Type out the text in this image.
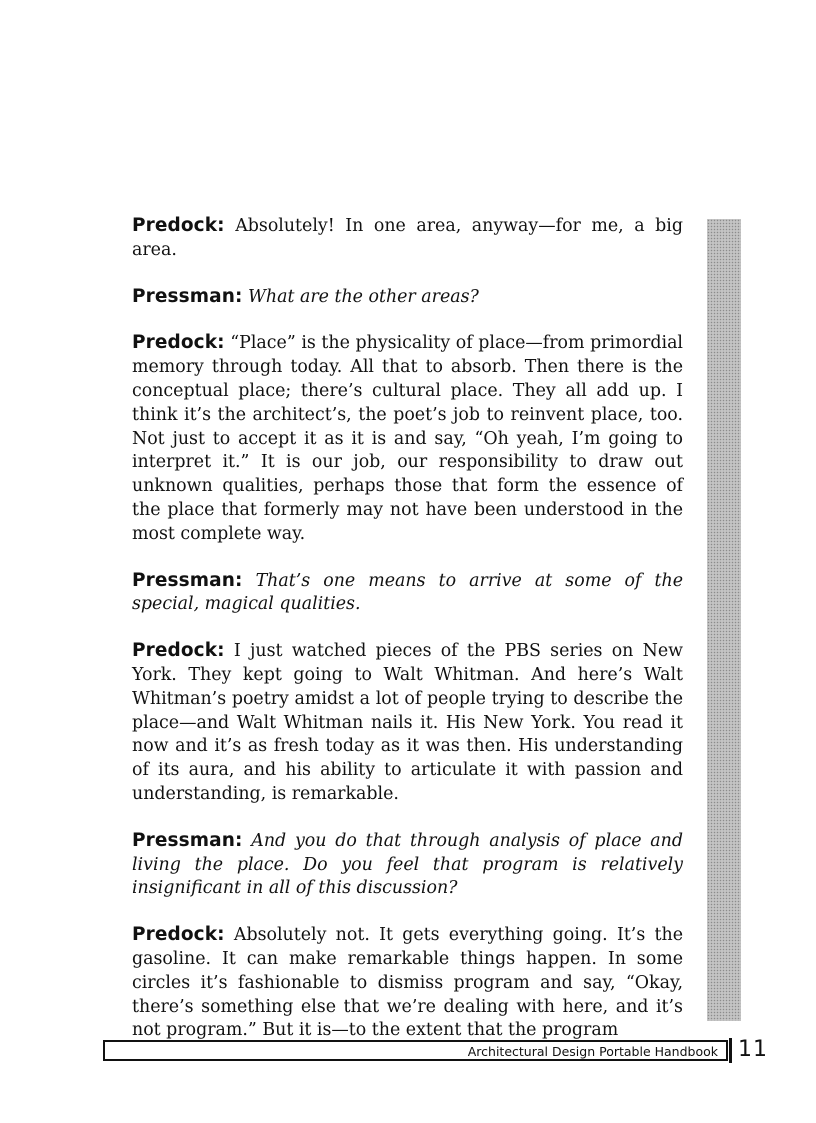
Predock: Absolutely! In one area, anyway—for me, a big area.

Pressman: What are the other areas?

Predock: “Place” is the physicality of place—from primordial memory through today. All that to absorb. Then there is the conceptual place; there’s cultural place. They all add up. I think it’s the architect’s, the poet’s job to reinvent place, too. Not just to accept it as it is and say, “Oh yeah, I’m going to interpret it.” It is our job, our responsibility to draw out unknown qualities, perhaps those that form the essence of the place that formerly may not have been understood in the most complete way.

Pressman: That’s one means to arrive at some of the special, magical qualities.

Predock: I just watched pieces of the PBS series on New York. They kept going to Walt Whitman. And here’s Walt Whitman’s poetry amidst a lot of people trying to describe the place—and Walt Whitman nails it. His New York. You read it now and it’s as fresh today as it was then. His understanding of its aura, and his ability to articulate it with passion and understanding, is remarkable.

Pressman: And you do that through analysis of place and living the place. Do you feel that program is relatively insignificant in all of this discussion?

Predock: Absolutely not. It gets everything going. It’s the gasoline. It can make remarkable things happen. In some circles it’s fashionable to dismiss program and say, “Okay, there’s something else that we’re dealing with here, and it’s not program.” But it is—to the extent that the program

Architectural Design Portable Handbook 11
